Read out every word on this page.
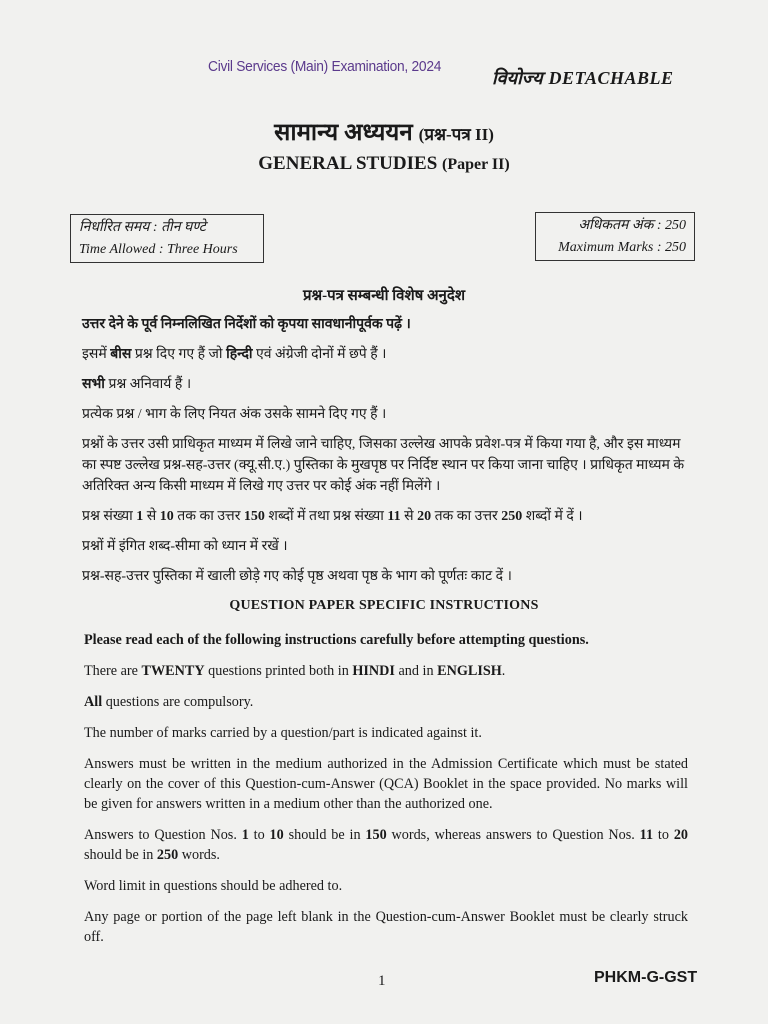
Civil Services (Main) Examination, 2024
वियोज्य DETACHABLE
सामान्य अध्ययन (प्रश्न-पत्र II)
GENERAL STUDIES (Paper II)
निर्धारित समय : तीन घण्टे
Time Allowed : Three Hours
अधिकतम अंक : 250
Maximum Marks : 250
प्रश्न-पत्र सम्बन्धी विशेष अनुदेश
उत्तर देने के पूर्व निम्नलिखित निर्देशों को कृपया सावधानीपूर्वक पढ़ें ।
इसमें बीस प्रश्न दिए गए हैं जो हिन्दी एवं अंग्रेजी दोनों में छपे हैं ।
सभी प्रश्न अनिवार्य हैं ।
प्रत्येक प्रश्न / भाग के लिए नियत अंक उसके सामने दिए गए हैं ।
प्रश्नों के उत्तर उसी प्राधिकृत माध्यम में लिखे जाने चाहिए, जिसका उल्लेख आपके प्रवेश-पत्र में किया गया है, और इस माध्यम का स्पष्ट उल्लेख प्रश्न-सह-उत्तर (क्यू.सी.ए.) पुस्तिका के मुखपृष्ठ पर निर्दिष्ट स्थान पर किया जाना चाहिए । प्राधिकृत माध्यम के अतिरिक्त अन्य किसी माध्यम में लिखे गए उत्तर पर कोई अंक नहीं मिलेंगे ।
प्रश्न संख्या 1 से 10 तक का उत्तर 150 शब्दों में तथा प्रश्न संख्या 11 से 20 तक का उत्तर 250 शब्दों में दें ।
प्रश्नों में इंगित शब्द-सीमा को ध्यान में रखें ।
प्रश्न-सह-उत्तर पुस्तिका में खाली छोड़े गए कोई पृष्ठ अथवा पृष्ठ के भाग को पूर्णतः काट दें ।
QUESTION PAPER SPECIFIC INSTRUCTIONS
Please read each of the following instructions carefully before attempting questions.
There are TWENTY questions printed both in HINDI and in ENGLISH.
All questions are compulsory.
The number of marks carried by a question/part is indicated against it.
Answers must be written in the medium authorized in the Admission Certificate which must be stated clearly on the cover of this Question-cum-Answer (QCA) Booklet in the space provided. No marks will be given for answers written in a medium other than the authorized one.
Answers to Question Nos. 1 to 10 should be in 150 words, whereas answers to Question Nos. 11 to 20 should be in 250 words.
Word limit in questions should be adhered to.
Any page or portion of the page left blank in the Question-cum-Answer Booklet must be clearly struck off.
1	PHKM-G-GST
